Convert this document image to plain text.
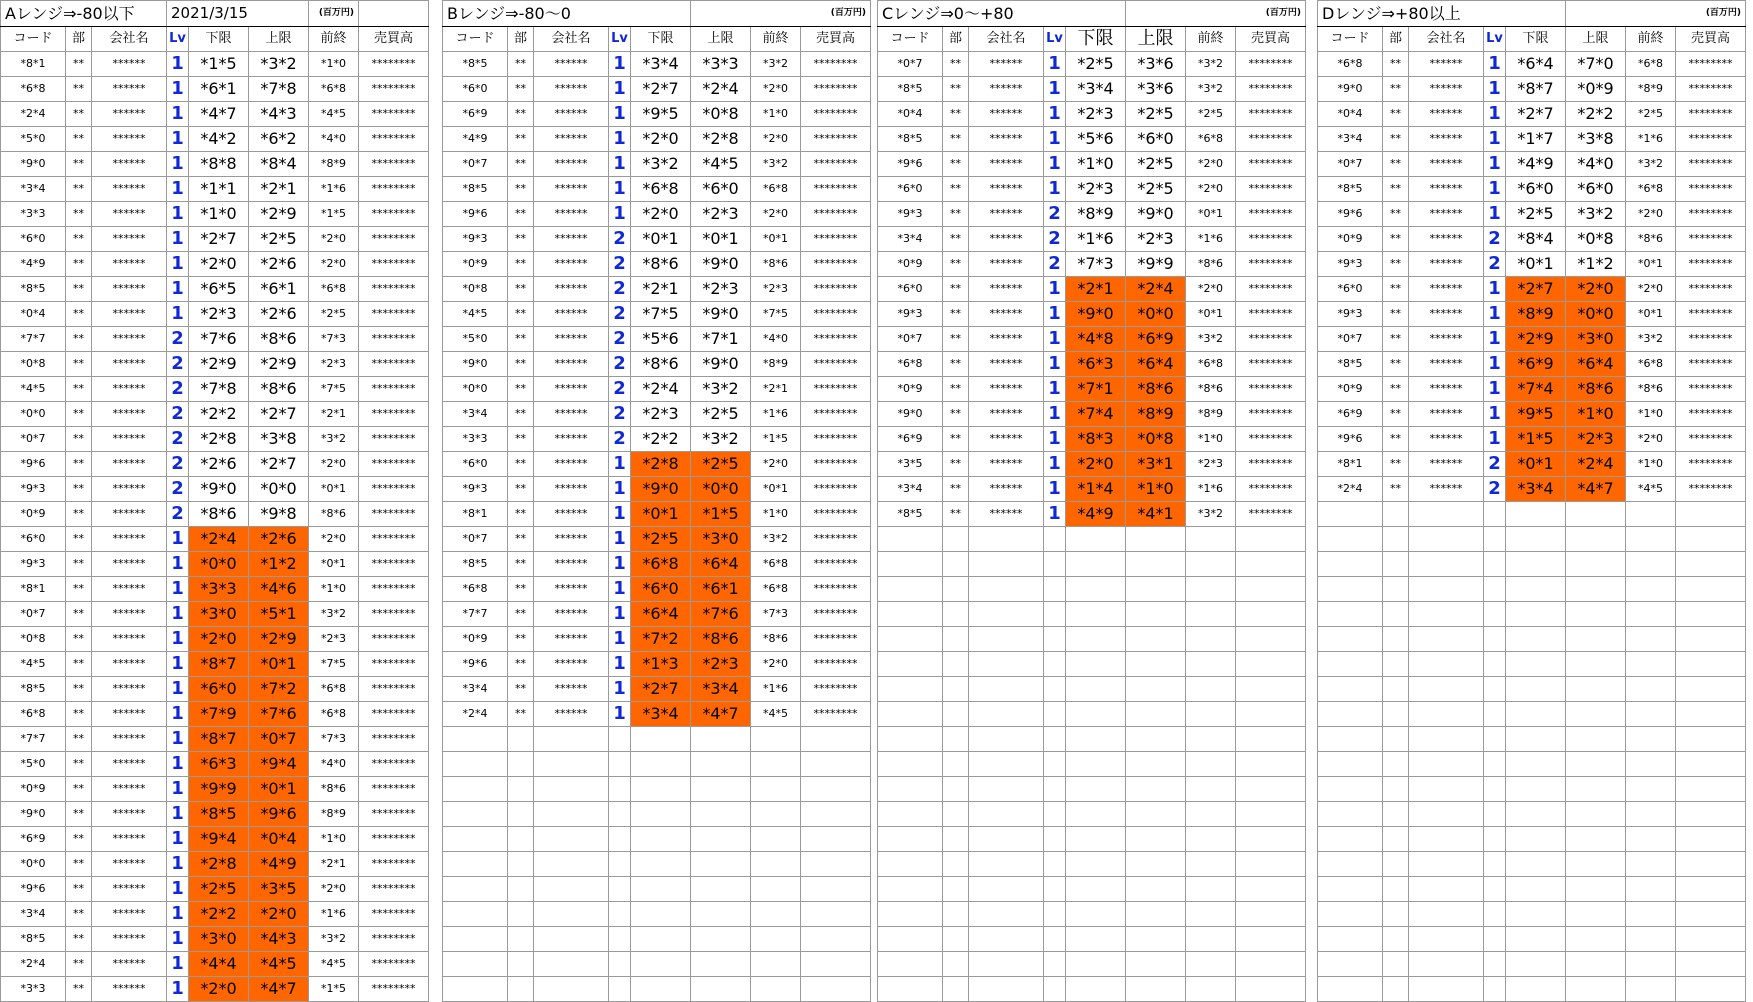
Aレンジ⇒-80以下			2021/3/15			(百万円)	
コード	部	会社名	Lv	下限	上限	前終	売買高
*8*1	**	******	1	*1*5	*3*2	*1*0	********
*6*8	**	******	1	*6*1	*7*8	*6*8	********
*2*4	**	******	1	*4*7	*4*3	*4*5	********
*5*0	**	******	1	*4*2	*6*2	*4*0	********
*9*0	**	******	1	*8*8	*8*4	*8*9	********
*3*4	**	******	1	*1*1	*2*1	*1*6	********
*3*3	**	******	1	*1*0	*2*9	*1*5	********
*6*0	**	******	1	*2*7	*2*5	*2*0	********
*4*9	**	******	1	*2*0	*2*6	*2*0	********
*8*5	**	******	1	*6*5	*6*1	*6*8	********
*0*4	**	******	1	*2*3	*2*6	*2*5	********
*7*7	**	******	2	*7*6	*8*6	*7*3	********
*0*8	**	******	2	*2*9	*2*9	*2*3	********
*4*5	**	******	2	*7*8	*8*6	*7*5	********
*0*0	**	******	2	*2*2	*2*7	*2*1	********
*0*7	**	******	2	*2*8	*3*8	*3*2	********
*9*6	**	******	2	*2*6	*2*7	*2*0	********
*9*3	**	******	2	*9*0	*0*0	*0*1	********
*0*9	**	******	2	*8*6	*9*8	*8*6	********
*6*0	**	******	1	*2*4	*2*6	*2*0	********
*9*3	**	******	1	*0*0	*1*2	*0*1	********
*8*1	**	******	1	*3*3	*4*6	*1*0	********
*0*7	**	******	1	*3*0	*5*1	*3*2	********
*0*8	**	******	1	*2*0	*2*9	*2*3	********
*4*5	**	******	1	*8*7	*0*1	*7*5	********
*8*5	**	******	1	*6*0	*7*2	*6*8	********
*6*8	**	******	1	*7*9	*7*6	*6*8	********
*7*7	**	******	1	*8*7	*0*7	*7*3	********
*5*0	**	******	1	*6*3	*9*4	*4*0	********
*0*9	**	******	1	*9*9	*0*1	*8*6	********
*9*0	**	******	1	*8*5	*9*6	*8*9	********
*6*9	**	******	1	*9*4	*0*4	*1*0	********
*0*0	**	******	1	*2*8	*4*9	*2*1	********
*9*6	**	******	1	*2*5	*3*5	*2*0	********
*3*4	**	******	1	*2*2	*2*0	*1*6	********
*8*5	**	******	1	*3*0	*4*3	*3*2	********
*2*4	**	******	1	*4*4	*4*5	*4*5	********
*3*3	**	******	1	*2*0	*4*7	*1*5	********
Bレンジ⇒-80～0					(百万円)		
コード	部	会社名	Lv	下限	上限	前終	売買高
*8*5	**	******	1	*3*4	*3*3	*3*2	********
*6*0	**	******	1	*2*7	*2*4	*2*0	********
*6*9	**	******	1	*9*5	*0*8	*1*0	********
*4*9	**	******	1	*2*0	*2*8	*2*0	********
*0*7	**	******	1	*3*2	*4*5	*3*2	********
*8*5	**	******	1	*6*8	*6*0	*6*8	********
*9*6	**	******	1	*2*0	*2*3	*2*0	********
*9*3	**	******	2	*0*1	*0*1	*0*1	********
*0*9	**	******	2	*8*6	*9*0	*8*6	********
*0*8	**	******	2	*2*1	*2*3	*2*3	********
*4*5	**	******	2	*7*5	*9*0	*7*5	********
*5*0	**	******	2	*5*6	*7*1	*4*0	********
*9*0	**	******	2	*8*6	*9*0	*8*9	********
*0*0	**	******	2	*2*4	*3*2	*2*1	********
*3*4	**	******	2	*2*3	*2*5	*1*6	********
*3*3	**	******	2	*2*2	*3*2	*1*5	********
*6*0	**	******	1	*2*8	*2*5	*2*0	********
*9*3	**	******	1	*9*0	*0*0	*0*1	********
*8*1	**	******	1	*0*1	*1*5	*1*0	********
*0*7	**	******	1	*2*5	*3*0	*3*2	********
*8*5	**	******	1	*6*8	*6*4	*6*8	********
*6*8	**	******	1	*6*0	*6*1	*6*8	********
*7*7	**	******	1	*6*4	*7*6	*7*3	********
*0*9	**	******	1	*7*2	*8*6	*8*6	********
*9*6	**	******	1	*1*3	*2*3	*2*0	********
*3*4	**	******	1	*2*7	*3*4	*1*6	********
*2*4	**	******	1	*3*4	*4*7	*4*5	********

Cレンジ⇒0～+80					(百万円)		
コード	部	会社名	Lv	下限	上限	前終	売買高
*0*7	**	******	1	*2*5	*3*6	*3*2	********
*8*5	**	******	1	*3*4	*3*6	*3*2	********
*0*4	**	******	1	*2*3	*2*5	*2*5	********
*8*5	**	******	1	*5*6	*6*0	*6*8	********
*9*6	**	******	1	*1*0	*2*5	*2*0	********
*6*0	**	******	1	*2*3	*2*5	*2*0	********
*9*3	**	******	2	*8*9	*9*0	*0*1	********
*3*4	**	******	2	*1*6	*2*3	*1*6	********
*0*9	**	******	2	*7*3	*9*9	*8*6	********
*6*0	**	******	1	*2*1	*2*4	*2*0	********
*9*3	**	******	1	*9*0	*0*0	*0*1	********
*0*7	**	******	1	*4*8	*6*9	*3*2	********
*6*8	**	******	1	*6*3	*6*4	*6*8	********
*0*9	**	******	1	*7*1	*8*6	*8*6	********
*9*0	**	******	1	*7*4	*8*9	*8*9	********
*6*9	**	******	1	*8*3	*0*8	*1*0	********
*3*5	**	******	1	*2*0	*3*1	*2*3	********
*3*4	**	******	1	*1*4	*1*0	*1*6	********
*8*5	**	******	1	*4*9	*4*1	*3*2	********

Dレンジ⇒+80以上					(百万円)		
コード	部	会社名	Lv	下限	上限	前終	売買高
*6*8	**	******	1	*6*4	*7*0	*6*8	********
*9*0	**	******	1	*8*7	*0*9	*8*9	********
*0*4	**	******	1	*2*7	*2*2	*2*5	********
*3*4	**	******	1	*1*7	*3*8	*1*6	********
*0*7	**	******	1	*4*9	*4*0	*3*2	********
*8*5	**	******	1	*6*0	*6*0	*6*8	********
*9*6	**	******	1	*2*5	*3*2	*2*0	********
*0*9	**	******	2	*8*4	*0*8	*8*6	********
*9*3	**	******	2	*0*1	*1*2	*0*1	********
*6*0	**	******	1	*2*7	*2*0	*2*0	********
*9*3	**	******	1	*8*9	*0*0	*0*1	********
*0*7	**	******	1	*2*9	*3*0	*3*2	********
*8*5	**	******	1	*6*9	*6*4	*6*8	********
*0*9	**	******	1	*7*4	*8*6	*8*6	********
*6*9	**	******	1	*9*5	*1*0	*1*0	********
*9*6	**	******	1	*1*5	*2*3	*2*0	********
*8*1	**	******	2	*0*1	*2*4	*1*0	********
*2*4	**	******	2	*3*4	*4*7	*4*5	********
